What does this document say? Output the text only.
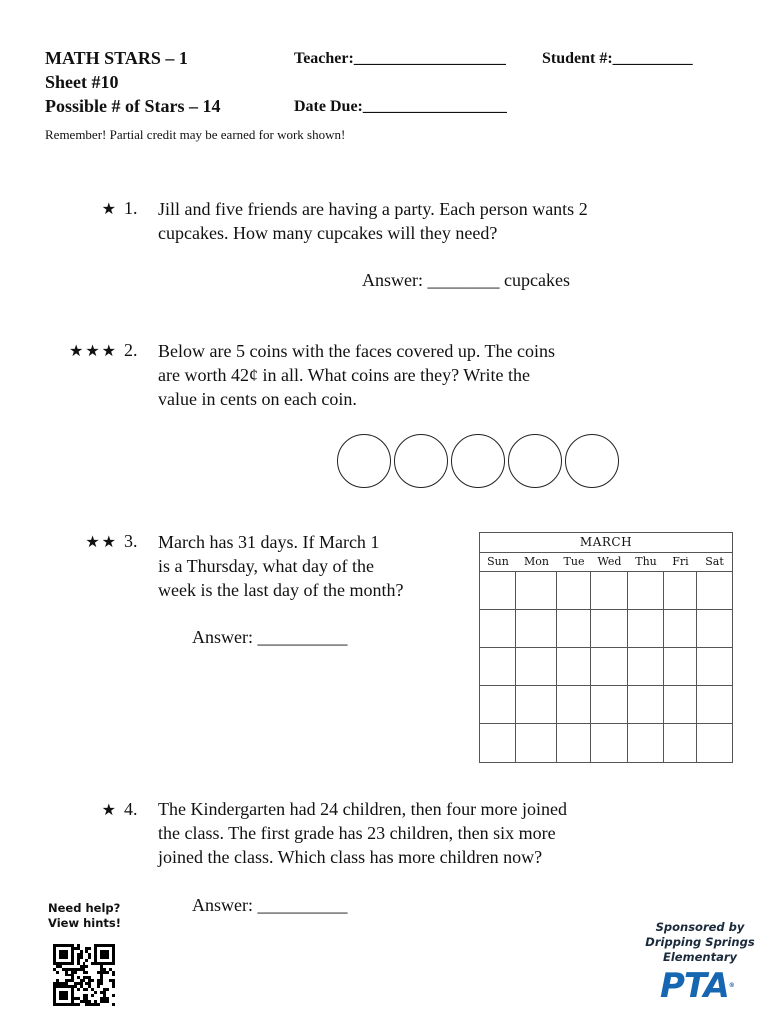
MATH STARS – 1
Sheet #10
Possible # of Stars – 14
Teacher:___________________ Student #:__________
Date Due:__________________
Remember! Partial credit may be earned for work shown!
★ 1. Jill and five friends are having a party. Each person wants 2
cupcakes. How many cupcakes will they need?
Answer: ________ cupcakes
★★★ 2. Below are 5 coins with the faces covered up. The coins
are worth 42¢ in all. What coins are they? Write the
value in cents on each coin.
★★ 3. March has 31 days. If March 1
is a Thursday, what day of the
week is the last day of the month?
Answer: __________
MARCH
Sun	Mon	Tue	Wed	Thu	Fri	Sat
★ 4. The Kindergarten had 24 children, then four more joined
the class. The first grade has 23 children, then six more
joined the class. Which class has more children now?
Answer: __________
Need help?
View hints!	Sponsored by
Dripping Springs
Elementary
PTA®
